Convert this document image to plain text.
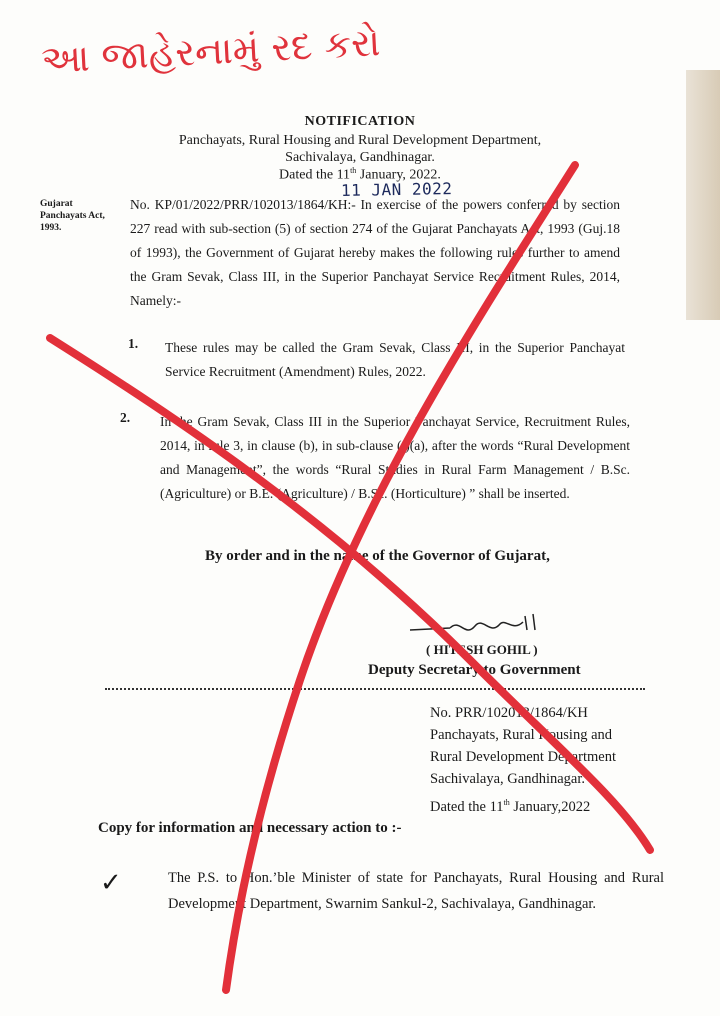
આ જાહેરનામું રદ કરો
NOTIFICATION
Panchayats, Rural Housing and Rural Development Department,
Sachivalaya, Gandhinagar.
Dated the 11th January, 2022.
11 JAN 2022
Gujarat Panchayats Act, 1993.
No. KP/01/2022/PRR/102013/1864/KH:- In exercise of the powers conferred by section 227 read with sub-section (5) of section 274 of the Gujarat Panchayats Act, 1993 (Guj.18 of 1993), the Government of Gujarat hereby makes the following rules further to amend the Gram Sevak, Class III, in the Superior Panchayat Service Recruitment Rules, 2014, Namely:-
1. These rules may be called the Gram Sevak, Class III, in the Superior Panchayat Service Recruitment (Amendment) Rules, 2022.
2. In the Gram Sevak, Class III in the Superior Panchayat Service, Recruitment Rules, 2014, in rule 3, in clause (b), in sub-clause (i)(a), after the words “Rural Development and Management”, the words “Rural Studies in Rural Farm Management / B.Sc. (Agriculture) or B.E. (Agriculture) / B.Sc. (Horticulture) ” shall be inserted.
By order and in the name of the Governor of Gujarat,
( HITESH GOHIL )
Deputy Secretary to Government
No. PRR/102013/1864/KH
Panchayats, Rural Housing and
Rural Development Department
Sachivalaya, Gandhinagar.
Dated the 11th January,2022
Copy for information and necessary action to :-
✓	The P.S. to Hon.’ble Minister of state for Panchayats, Rural Housing and Rural Development Department, Swarnim Sankul-2, Sachivalaya, Gandhinagar.
